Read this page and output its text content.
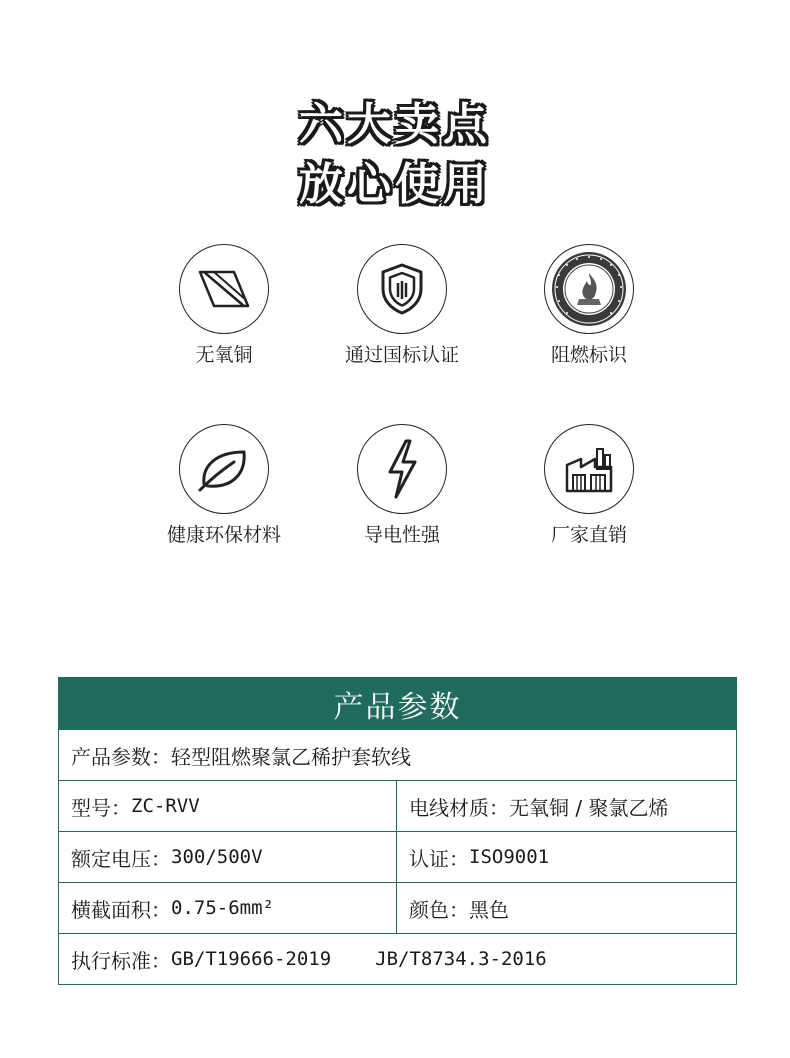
六大卖点
放心使用
无氧铜	通过国标认证	阻燃标识
健康环保材料	导电性强	厂家直销
产品参数
产品参数： 轻型阻燃聚氯乙稀护套软线
型号： ZC-RVV	电线材质： 无氧铜 / 聚氯乙烯
额定电压： 300/500V	认证： ISO9001
横截面积： 0.75-6mm²	颜色： 黑色
执行标准： GB/T19666-2019 JB/T8734.3-2016
